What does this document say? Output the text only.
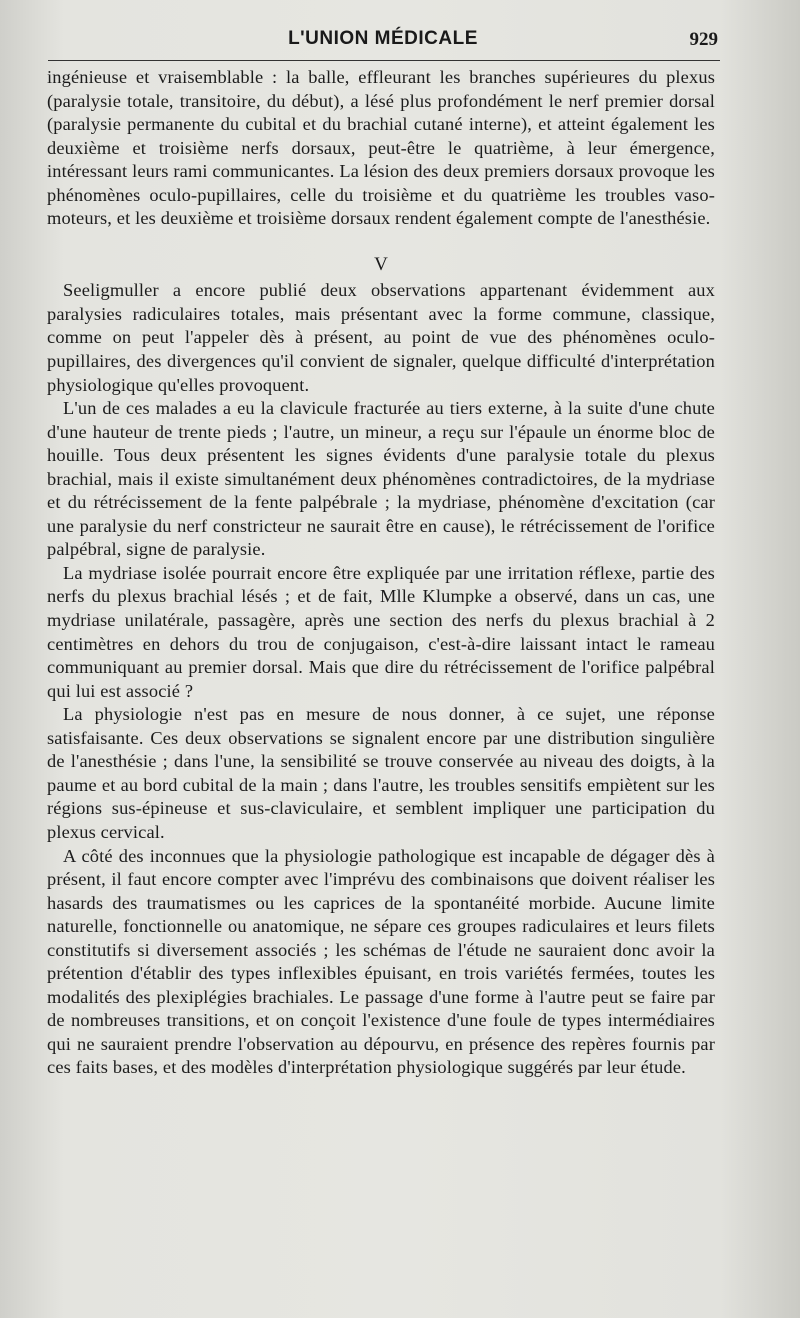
L'UNION MÉDICALE	929

ingénieuse et vraisemblable : la balle, effleurant les branches supérieures du plexus (paralysie totale, transitoire, du début), a lésé plus profondément le nerf premier dorsal (paralysie permanente du cubital et du brachial cutané interne), et atteint également les deuxième et troisième nerfs dorsaux, peut-être le quatrième, à leur émergence, intéressant leurs rami communicantes. La lésion des deux premiers dorsaux provoque les phénomènes oculo-pupillaires, celle du troisième et du quatrième les troubles vaso-moteurs, et les deuxième et troisième dorsaux rendent également compte de l'anesthésie.

V

Seeligmuller a encore publié deux observations appartenant évidemment aux paralysies radiculaires totales, mais présentant avec la forme commune, classique, comme on peut l'appeler dès à présent, au point de vue des phénomènes oculo-pupillaires, des divergences qu'il convient de signaler, quelque difficulté d'interprétation physiologique qu'elles provoquent.

L'un de ces malades a eu la clavicule fracturée au tiers externe, à la suite d'une chute d'une hauteur de trente pieds ; l'autre, un mineur, a reçu sur l'épaule un énorme bloc de houille. Tous deux présentent les signes évidents d'une paralysie totale du plexus brachial, mais il existe simultanément deux phénomènes contradictoires, de la mydriase et du rétrécissement de la fente palpébrale ; la mydriase, phénomène d'excitation (car une paralysie du nerf constricteur ne saurait être en cause), le rétrécissement de l'orifice palpébral, signe de paralysie.

La mydriase isolée pourrait encore être expliquée par une irritation réflexe, partie des nerfs du plexus brachial lésés ; et de fait, Mlle Klumpke a observé, dans un cas, une mydriase unilatérale, passagère, après une section des nerfs du plexus brachial à 2 centimètres en dehors du trou de conjugaison, c'est-à-dire laissant intact le rameau communiquant au premier dorsal. Mais que dire du rétrécissement de l'orifice palpébral qui lui est associé ?

La physiologie n'est pas en mesure de nous donner, à ce sujet, une réponse satisfaisante. Ces deux observations se signalent encore par une distribution singulière de l'anesthésie ; dans l'une, la sensibilité se trouve conservée au niveau des doigts, à la paume et au bord cubital de la main ; dans l'autre, les troubles sensitifs empiètent sur les régions sus-épineuse et sus-claviculaire, et semblent impliquer une participation du plexus cervical.

A côté des inconnues que la physiologie pathologique est incapable de dégager dès à présent, il faut encore compter avec l'imprévu des combinaisons que doivent réaliser les hasards des traumatismes ou les caprices de la spontanéité morbide. Aucune limite naturelle, fonctionnelle ou anatomique, ne sépare ces groupes radiculaires et leurs filets constitutifs si diversement associés ; les schémas de l'étude ne sauraient donc avoir la prétention d'établir des types inflexibles épuisant, en trois variétés fermées, toutes les modalités des plexiplégies brachiales. Le passage d'une forme à l'autre peut se faire par de nombreuses transitions, et on conçoit l'existence d'une foule de types intermédiaires qui ne sauraient prendre l'observation au dépourvu, en présence des repères fournis par ces faits bases, et des modèles d'interprétation physiologique suggérés par leur étude.
